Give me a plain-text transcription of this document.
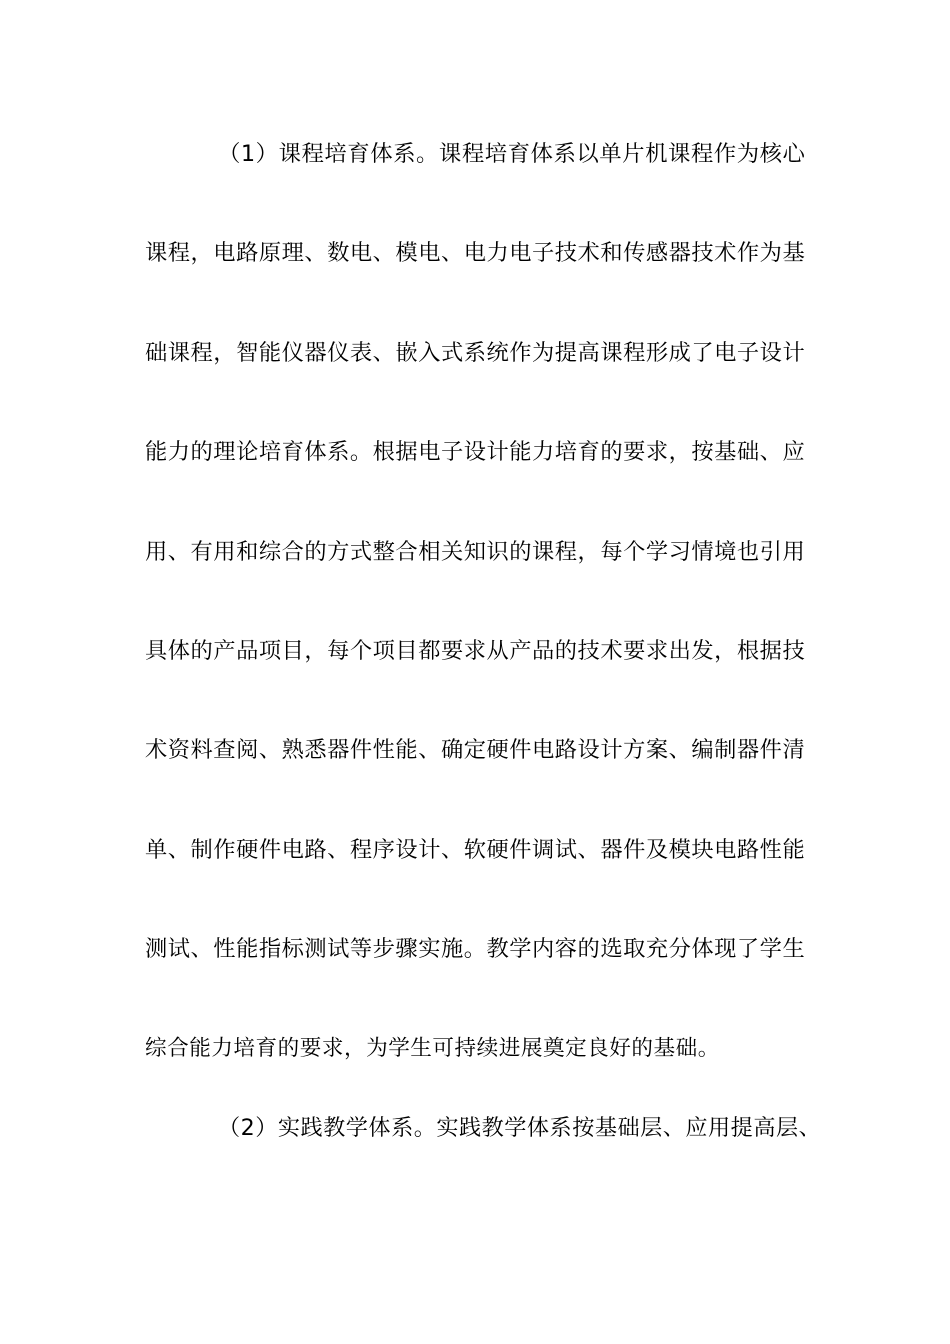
（1）课程培育体系。课程培育体系以单片机课程作为核心
课程，电路原理、数电、模电、电力电子技术和传感器技术作为基
础课程，智能仪器仪表、嵌入式系统作为提高课程形成了电子设计
能力的理论培育体系。根据电子设计能力培育的要求，按基础、应
用、有用和综合的方式整合相关知识的课程，每个学习情境也引用
具体的产品项目，每个项目都要求从产品的技术要求出发，根据技
术资料查阅、熟悉器件性能、确定硬件电路设计方案、编制器件清
单、制作硬件电路、程序设计、软硬件调试、器件及模块电路性能
测试、性能指标测试等步骤实施。教学内容的选取充分体现了学生
综合能力培育的要求，为学生可持续进展奠定良好的基础。
（2）实践教学体系。实践教学体系按基础层、应用提高层、
